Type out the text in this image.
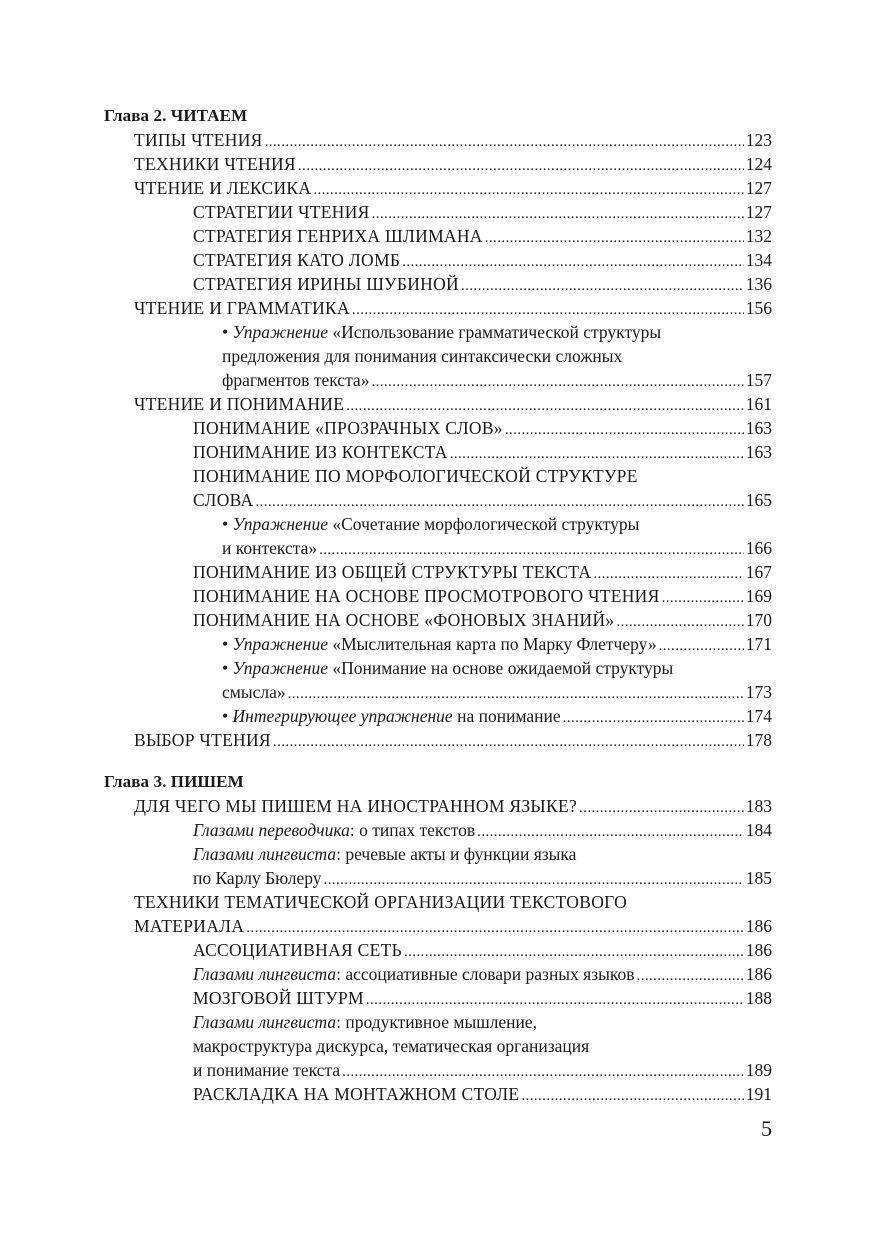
Глава 2. ЧИТАЕМ
ТИПЫ ЧТЕНИЯ .....	123
ТЕХНИКИ ЧТЕНИЯ .....	124
ЧТЕНИЕ И ЛЕКСИКА .....	127
СТРАТЕГИИ ЧТЕНИЯ .....	127
СТРАТЕГИЯ ГЕНРИХА ШЛИМАНА .....	132
СТРАТЕГИЯ КАТО ЛОМБ .....	134
СТРАТЕГИЯ ИРИНЫ ШУБИНОЙ .....	136
ЧТЕНИЕ И ГРАММАТИКА .....	156
• Упражнение «Использование грамматической структуры
предложения для понимания синтаксически сложных
фрагментов текста» .....	157
ЧТЕНИЕ И ПОНИМАНИЕ .....	161
ПОНИМАНИЕ «ПРОЗРАЧНЫХ СЛОВ» .....	163
ПОНИМАНИЕ ИЗ КОНТЕКСТА .....	163
ПОНИМАНИЕ ПО МОРФОЛОГИЧЕСКОЙ СТРУКТУРЕ
СЛОВА .....	165
• Упражнение «Сочетание морфологической структуры
и контекста» .....	166
ПОНИМАНИЕ ИЗ ОБЩЕЙ СТРУКТУРЫ ТЕКСТА .....	167
ПОНИМАНИЕ НА ОСНОВЕ ПРОСМОТРОВОГО ЧТЕНИЯ .....	169
ПОНИМАНИЕ НА ОСНОВЕ «ФОНОВЫХ ЗНАНИЙ» .....	170
• Упражнение «Мыслительная карта по Марку Флетчеру» .....	171
• Упражнение «Понимание на основе ожидаемой структуры
смысла» .....	173
• Интегрирующее упражнение на понимание .....	174
ВЫБОР ЧТЕНИЯ .....	178
Глава 3. ПИШЕМ
ДЛЯ ЧЕГО МЫ ПИШЕМ НА ИНОСТРАННОМ ЯЗЫКЕ? .....	183
Глазами переводчика: о типах текстов .....	184
Глазами лингвиста: речевые акты и функции языка
по Карлу Бюлеру .....	185
ТЕХНИКИ ТЕМАТИЧЕСКОЙ ОРГАНИЗАЦИИ ТЕКСТОВОГО
МАТЕРИАЛА .....	186
АССОЦИАТИВНАЯ СЕТЬ .....	186
Глазами лингвиста: ассоциативные словари разных языков .....	186
МОЗГОВОЙ ШТУРМ .....	188
Глазами лингвиста: продуктивное мышление,
макроструктура дискурса, тематическая организация
и понимание текста .....	189
РАСКЛАДКА НА МОНТАЖНОМ СТОЛЕ .....	191
5
